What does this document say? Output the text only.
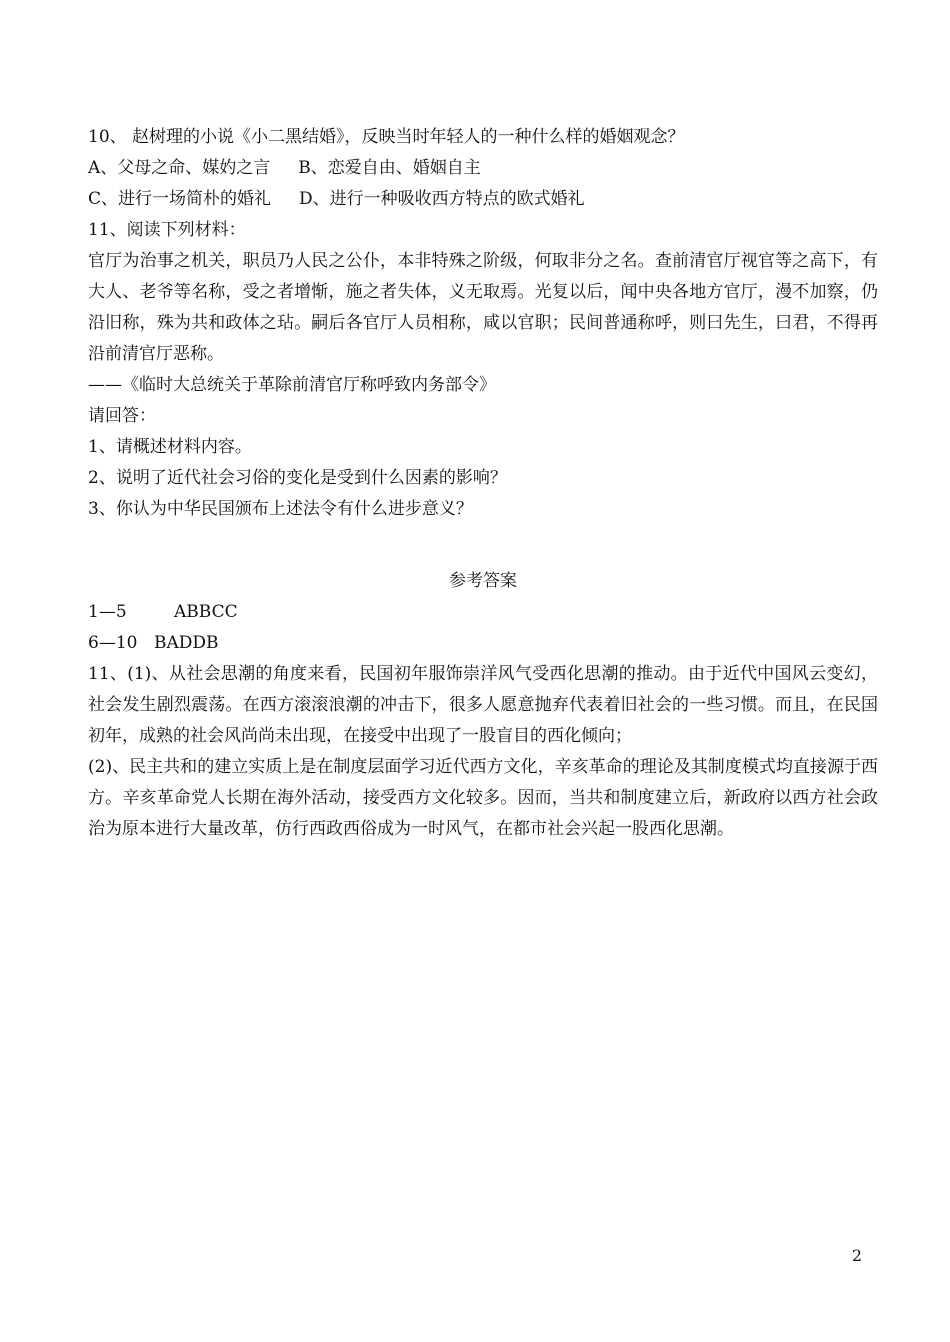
10、 赵树理的小说《小二黑结婚》，反映当时年轻人的一种什么样的婚姻观念？
A、父母之命、媒妁之言 B、恋爱自由、婚姻自主
C、进行一场简朴的婚礼 D、进行一种吸收西方特点的欧式婚礼
11、阅读下列材料：
官厅为治事之机关，职员乃人民之公仆，本非特殊之阶级，何取非分之名。查前清官厅视官等之高下，有大人、老爷等名称，受之者增惭，施之者失体，义无取焉。光复以后，闻中央各地方官厅，漫不加察，仍沿旧称，殊为共和政体之玷。嗣后各官厅人员相称，咸以官职；民间普通称呼，则曰先生，曰君，不得再沿前清官厅恶称。
——《临时大总统关于革除前清官厅称呼致内务部令》
请回答：
1、请概述材料内容。
2、说明了近代社会习俗的变化是受到什么因素的影响？
3、你认为中华民国颁布上述法令有什么进步意义？
参考答案
1—5	ABBCC
6—10 BADDB
11、(1)、从社会思潮的角度来看，民国初年服饰崇洋风气受西化思潮的推动。由于近代中国风云变幻，社会发生剧烈震荡。在西方滚滚浪潮的冲击下，很多人愿意抛弃代表着旧社会的一些习惯。而且，在民国初年，成熟的社会风尚尚未出现，在接受中出现了一股盲目的西化倾向；
(2)、民主共和的建立实质上是在制度层面学习近代西方文化，辛亥革命的理论及其制度模式均直接源于西方。辛亥革命党人长期在海外活动，接受西方文化较多。因而，当共和制度建立后，新政府以西方社会政治为原本进行大量改革，仿行西政西俗成为一时风气，在都市社会兴起一股西化思潮。
2
